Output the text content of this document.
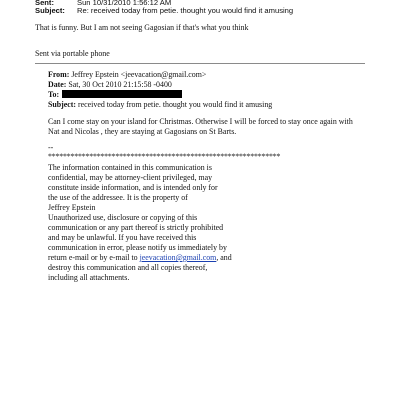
Sent:	Sun 10/31/2010 1:56:12 AM
Subject: Re: received today from petie. thought you would find it amusing
That is funny. But I am not seeing Gagosian if that's what you think
Sent via portable phone
From: Jeffrey Epstein <jeevacation@gmail.com>
Date: Sat, 30 Oct 2010 21:15:58 -0400
To:
Subject: received today from petie. thought you would find it amusing
Can I come stay on your island for Christmas. Otherwise I will be forced to stay once again with
Nat and Nicolas , they are staying at Gagosians on St Barts.
--
**************************************************************
The information contained in this communication is
confidential, may be attorney-client privileged, may
constitute inside information, and is intended only for
the use of the addressee. It is the property of
Jeffrey Epstein
Unauthorized use, disclosure or copying of this
communication or any part thereof is strictly prohibited
and may be unlawful. If you have received this
communication in error, please notify us immediately by
return e-mail or by e-mail to jeevacation@gmail.com, and
destroy this communication and all copies thereof,
including all attachments.
